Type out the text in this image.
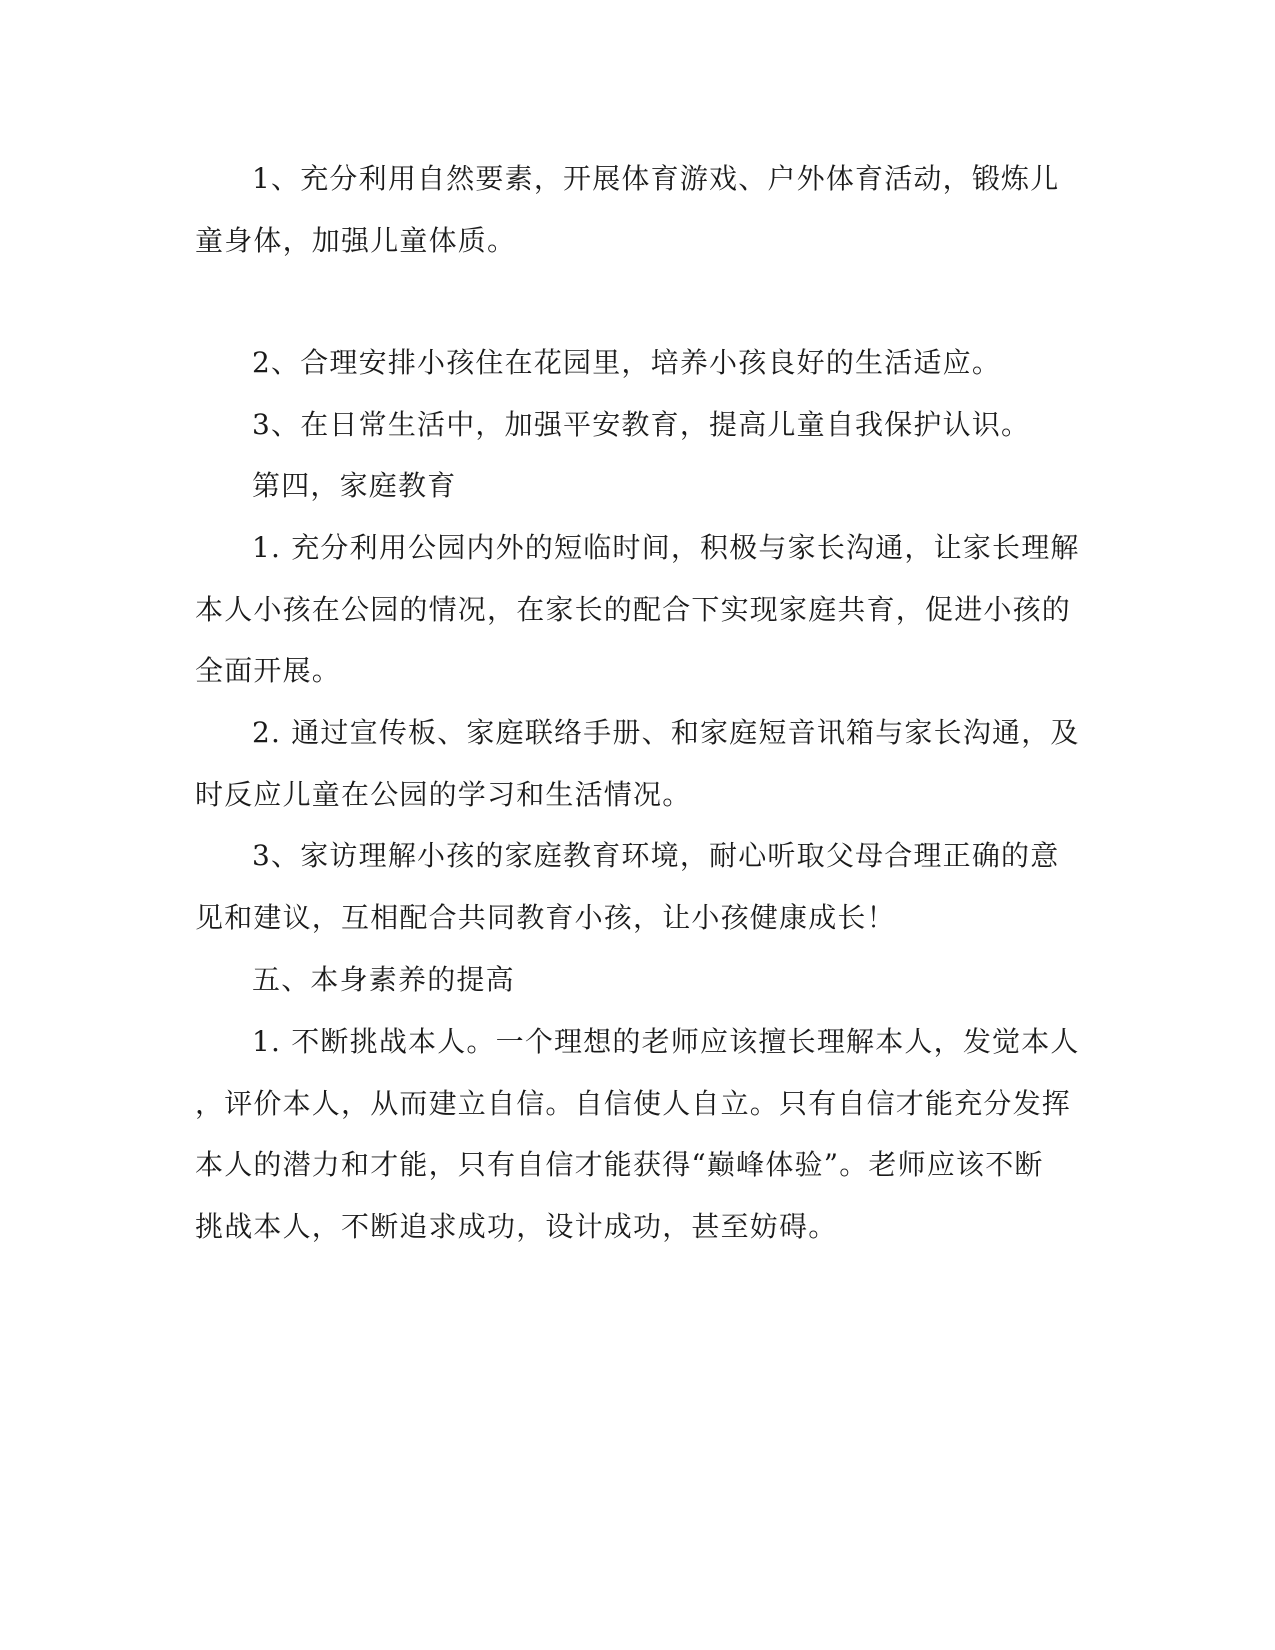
1、充分利用自然要素，开展体育游戏、户外体育活动，锻炼儿
童身体，加强儿童体质。
2、合理安排小孩住在花园里，培养小孩良好的生活适应。
3、在日常生活中，加强平安教育，提高儿童自我保护认识。
第四，家庭教育
1. 充分利用公园内外的短临时间，积极与家长沟通，让家长理解
本人小孩在公园的情况，在家长的配合下实现家庭共育，促进小孩的
全面开展。
2. 通过宣传板、家庭联络手册、和家庭短音讯箱与家长沟通，及
时反应儿童在公园的学习和生活情况。
3、家访理解小孩的家庭教育环境，耐心听取父母合理正确的意
见和建议，互相配合共同教育小孩，让小孩健康成长！
五、本身素养的提高
1. 不断挑战本人。一个理想的老师应该擅长理解本人，发觉本人
，评价本人，从而建立自信。自信使人自立。只有自信才能充分发挥
本人的潜力和才能，只有自信才能获得“巅峰体验”。老师应该不断
挑战本人，不断追求成功，设计成功，甚至妨碍。
